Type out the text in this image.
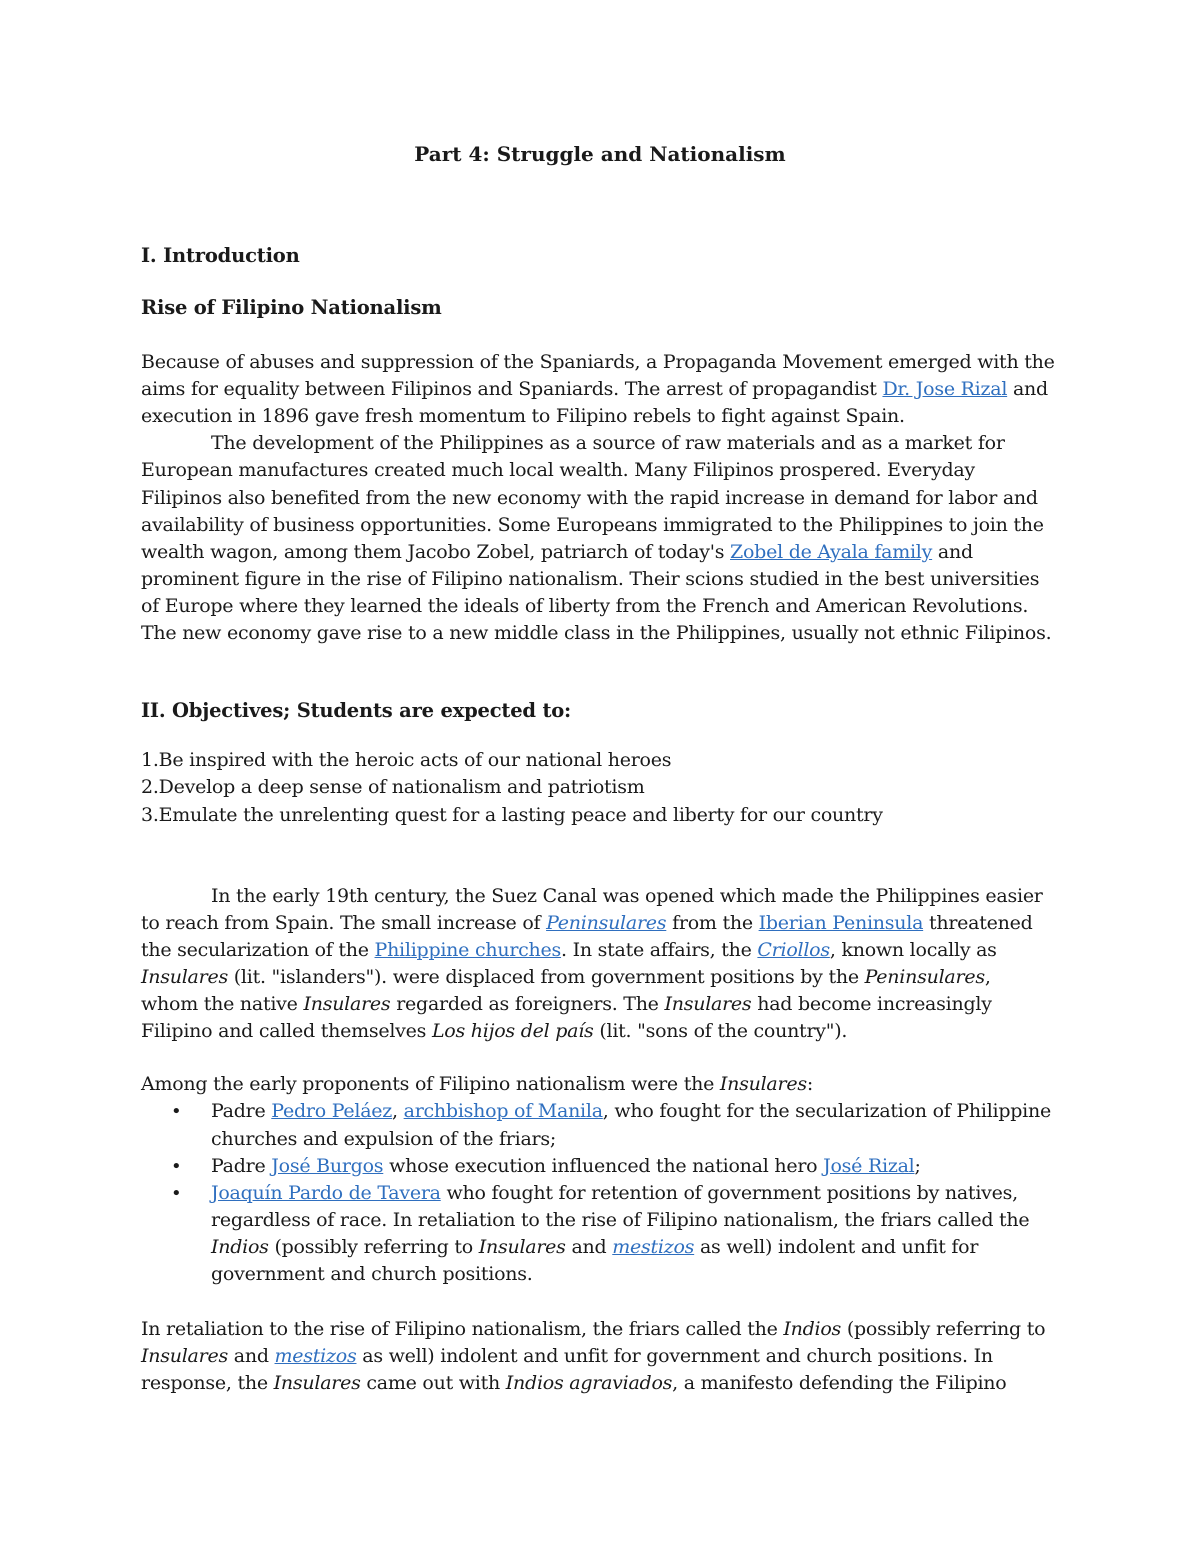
Part 4: Struggle and Nationalism
I. Introduction
Rise of Filipino Nationalism
Because of abuses and suppression of the Spaniards, a Propaganda Movement emerged with the
aims for equality between Filipinos and Spaniards. The arrest of propagandist Dr. Jose Rizal and
execution in 1896 gave fresh momentum to Filipino rebels to fight against Spain.
The development of the Philippines as a source of raw materials and as a market for
European manufactures created much local wealth. Many Filipinos prospered. Everyday
Filipinos also benefited from the new economy with the rapid increase in demand for labor and
availability of business opportunities. Some Europeans immigrated to the Philippines to join the
wealth wagon, among them Jacobo Zobel, patriarch of today's Zobel de Ayala family and
prominent figure in the rise of Filipino nationalism. Their scions studied in the best universities
of Europe where they learned the ideals of liberty from the French and American Revolutions.
The new economy gave rise to a new middle class in the Philippines, usually not ethnic Filipinos.
II. Objectives; Students are expected to:
1.Be inspired with the heroic acts of our national heroes
2.Develop a deep sense of nationalism and patriotism
3.Emulate the unrelenting quest for a lasting peace and liberty for our country
In the early 19th century, the Suez Canal was opened which made the Philippines easier
to reach from Spain. The small increase of Peninsulares from the Iberian Peninsula threatened
the secularization of the Philippine churches. In state affairs, the Criollos, known locally as
Insulares (lit. "islanders"). were displaced from government positions by the Peninsulares,
whom the native Insulares regarded as foreigners. The Insulares had become increasingly
Filipino and called themselves Los hijos del país (lit. "sons of the country").
Among the early proponents of Filipino nationalism were the Insulares:
• Padre Pedro Peláez, archbishop of Manila, who fought for the secularization of Philippine
churches and expulsion of the friars;
• Padre José Burgos whose execution influenced the national hero José Rizal;
• Joaquín Pardo de Tavera who fought for retention of government positions by natives,
regardless of race. In retaliation to the rise of Filipino nationalism, the friars called the
Indios (possibly referring to Insulares and mestizos as well) indolent and unfit for
government and church positions.
In retaliation to the rise of Filipino nationalism, the friars called the Indios (possibly referring to
Insulares and mestizos as well) indolent and unfit for government and church positions. In
response, the Insulares came out with Indios agraviados, a manifesto defending the Filipino
